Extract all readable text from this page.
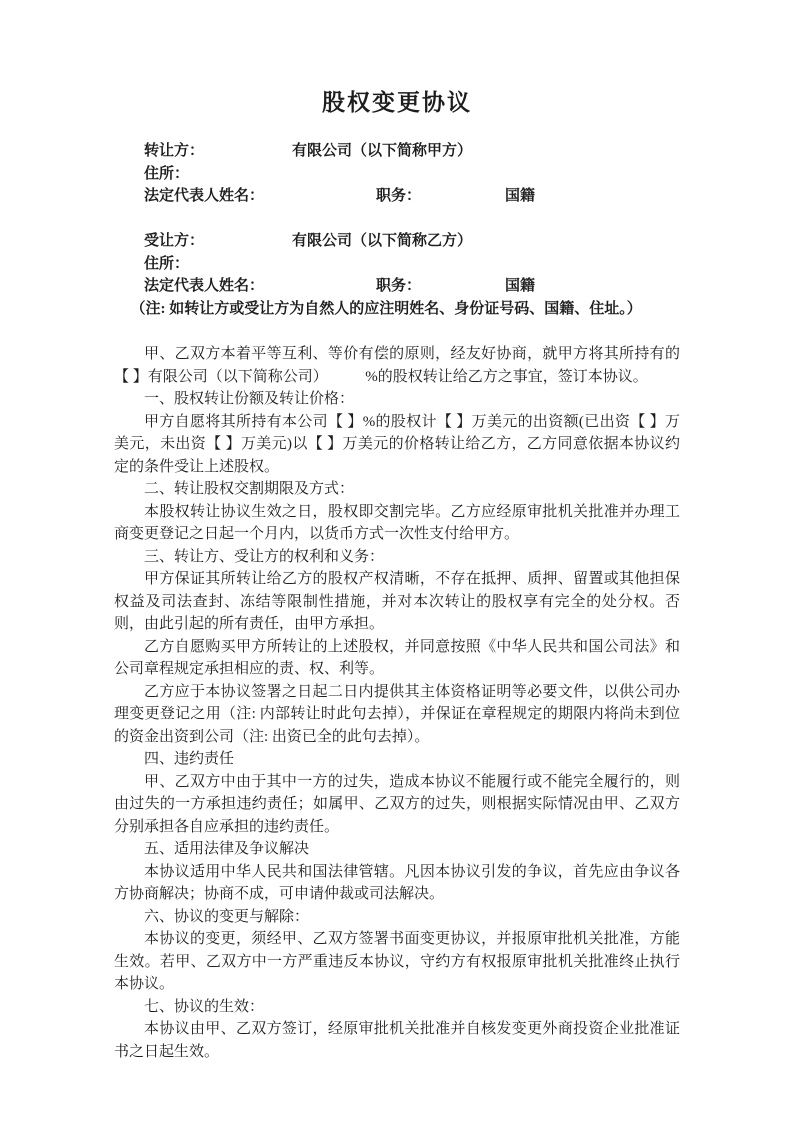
股权变更协议
转让方：	有限公司（以下简称甲方）
住所：
法定代表人姓名：	职务：	国籍
受让方：	有限公司（以下简称乙方）
住所：
法定代表人姓名：	职务：	国籍

（注: 如转让方或受让方为自然人的应注明姓名、身份证号码、国籍、住址。）

甲、乙双方本着平等互利、等价有偿的原则，经友好协商，就甲方将其所持有的【 】有限公司（以下简称公司）　　　%的股权转让给乙方之事宜，签订本协议。

一、股权转让份额及转让价格：

甲方自愿将其所持有本公司【 】%的股权计【 】万美元的出资额(已出资【 】万美元，未出资【 】万美元)以【 】万美元的价格转让给乙方，乙方同意依据本协议约定的条件受让上述股权。

二、转让股权交割期限及方式：

本股权转让协议生效之日，股权即交割完毕。乙方应经原审批机关批准并办理工商变更登记之日起一个月内，以货币方式一次性支付给甲方。

三、转让方、受让方的权利和义务：

甲方保证其所转让给乙方的股权产权清晰，不存在抵押、质押、留置或其他担保权益及司法查封、冻结等限制性措施，并对本次转让的股权享有完全的处分权。否则，由此引起的所有责任，由甲方承担。

乙方自愿购买甲方所转让的上述股权，并同意按照《中华人民共和国公司法》和公司章程规定承担相应的责、权、利等。

乙方应于本协议签署之日起二日内提供其主体资格证明等必要文件，以供公司办理变更登记之用（注: 内部转让时此句去掉），并保证在章程规定的期限内将尚未到位的资金出资到公司（注: 出资已全的此句去掉）。

四、违约责任

甲、乙双方中由于其中一方的过失，造成本协议不能履行或不能完全履行的，则由过失的一方承担违约责任；如属甲、乙双方的过失，则根据实际情况由甲、乙双方分别承担各自应承担的违约责任。

五、适用法律及争议解决

本协议适用中华人民共和国法律管辖。凡因本协议引发的争议，首先应由争议各方协商解决；协商不成，可申请仲裁或司法解决。

六、协议的变更与解除：

本协议的变更，须经甲、乙双方签署书面变更协议，并报原审批机关批准，方能生效。若甲、乙双方中一方严重违反本协议，守约方有权报原审批机关批准终止执行本协议。

七、协议的生效：

本协议由甲、乙双方签订，经原审批机关批准并自核发变更外商投资企业批准证书之日起生效。
